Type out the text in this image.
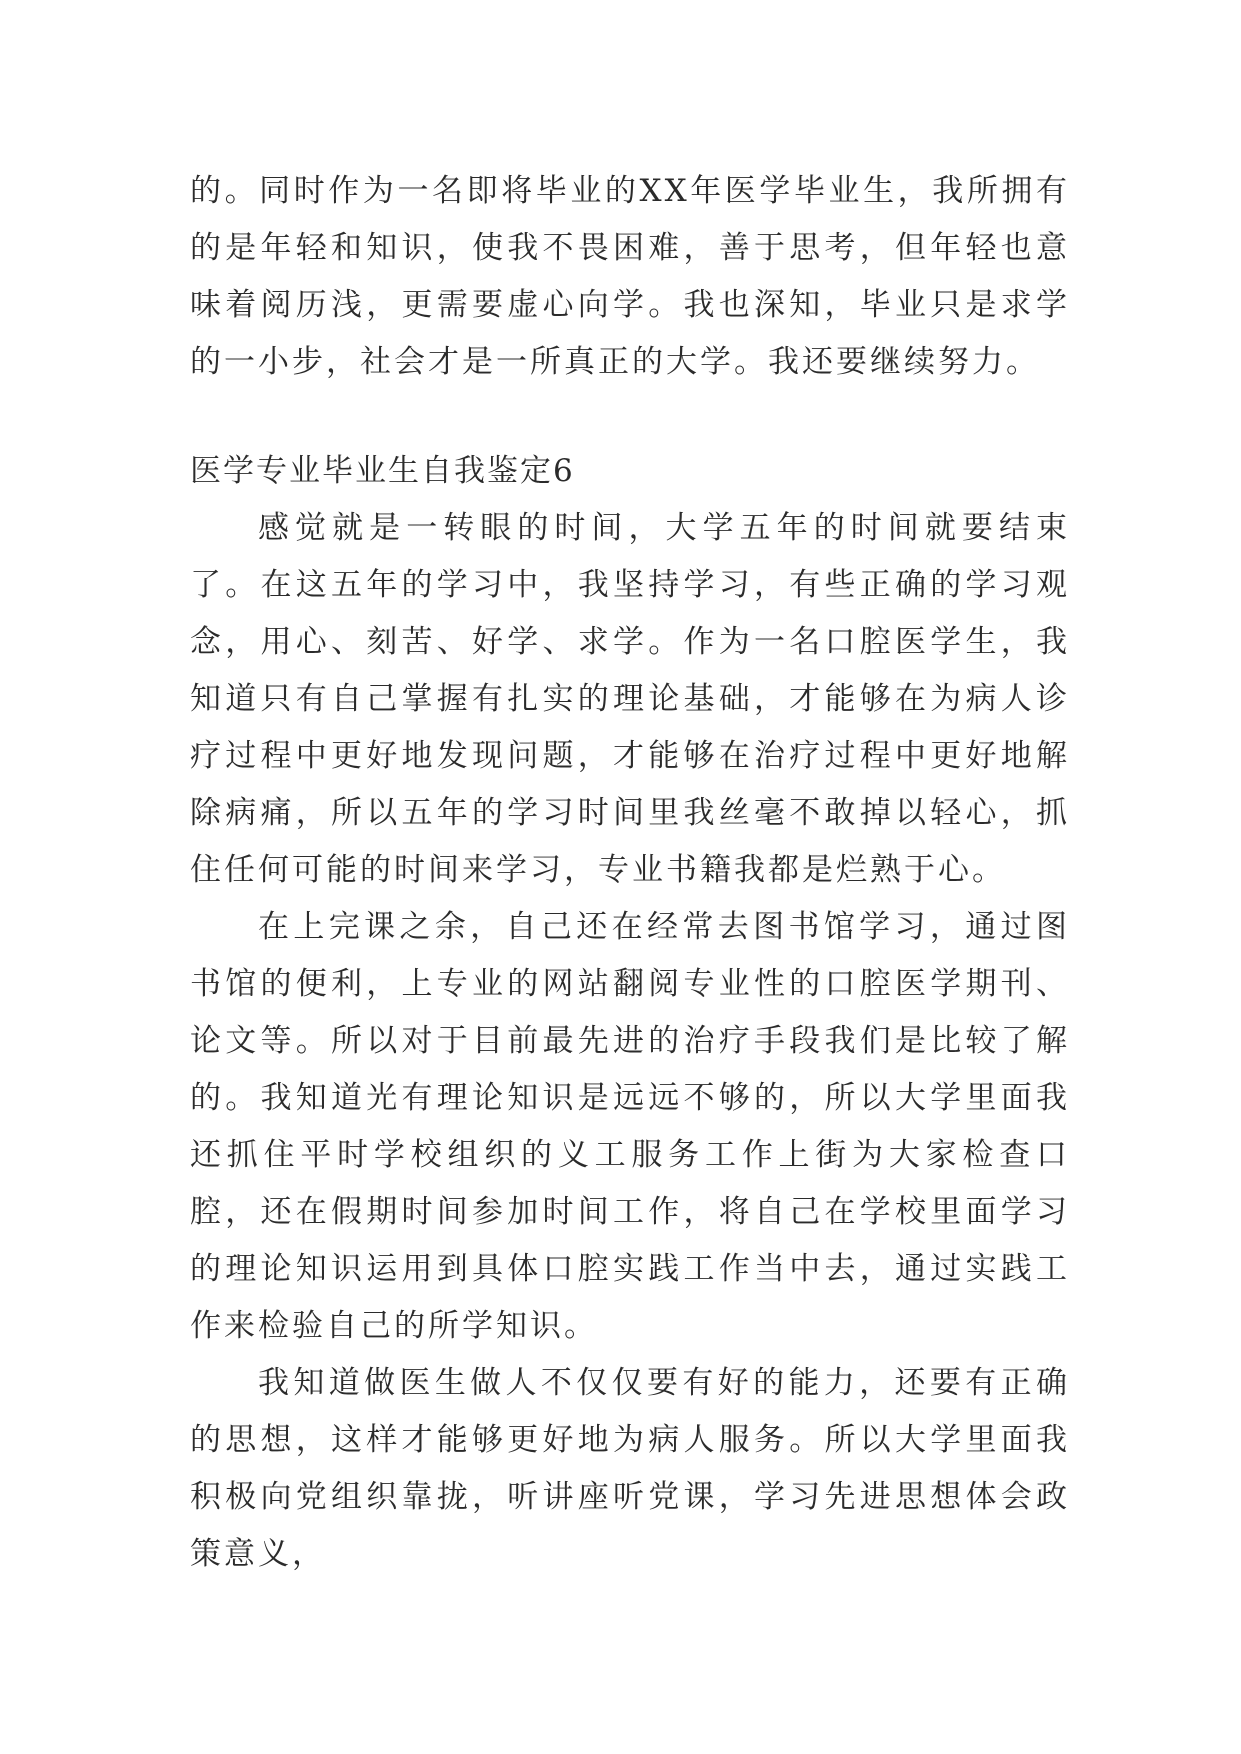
的。同时作为一名即将毕业的XX年医学毕业生，我所拥有的是年轻和知识，使我不畏困难，善于思考，但年轻也意味着阅历浅，更需要虚心向学。我也深知，毕业只是求学的一小步，社会才是一所真正的大学。我还要继续努力。

医学专业毕业生自我鉴定6

感觉就是一转眼的时间，大学五年的时间就要结束了。在这五年的学习中，我坚持学习，有些正确的学习观念，用心、刻苦、好学、求学。作为一名口腔医学生，我知道只有自己掌握有扎实的理论基础，才能够在为病人诊疗过程中更好地发现问题，才能够在治疗过程中更好地解除病痛，所以五年的学习时间里我丝毫不敢掉以轻心，抓住任何可能的时间来学习，专业书籍我都是烂熟于心。

在上完课之余，自己还在经常去图书馆学习，通过图书馆的便利，上专业的网站翻阅专业性的口腔医学期刊、论文等。所以对于目前最先进的治疗手段我们是比较了解的。我知道光有理论知识是远远不够的，所以大学里面我还抓住平时学校组织的义工服务工作上街为大家检查口腔，还在假期时间参加时间工作，将自己在学校里面学习的理论知识运用到具体口腔实践工作当中去，通过实践工作来检验自己的所学知识。

我知道做医生做人不仅仅要有好的能力，还要有正确的思想，这样才能够更好地为病人服务。所以大学里面我积极向党组织靠拢，听讲座听党课，学习先进思想体会政策意义，
